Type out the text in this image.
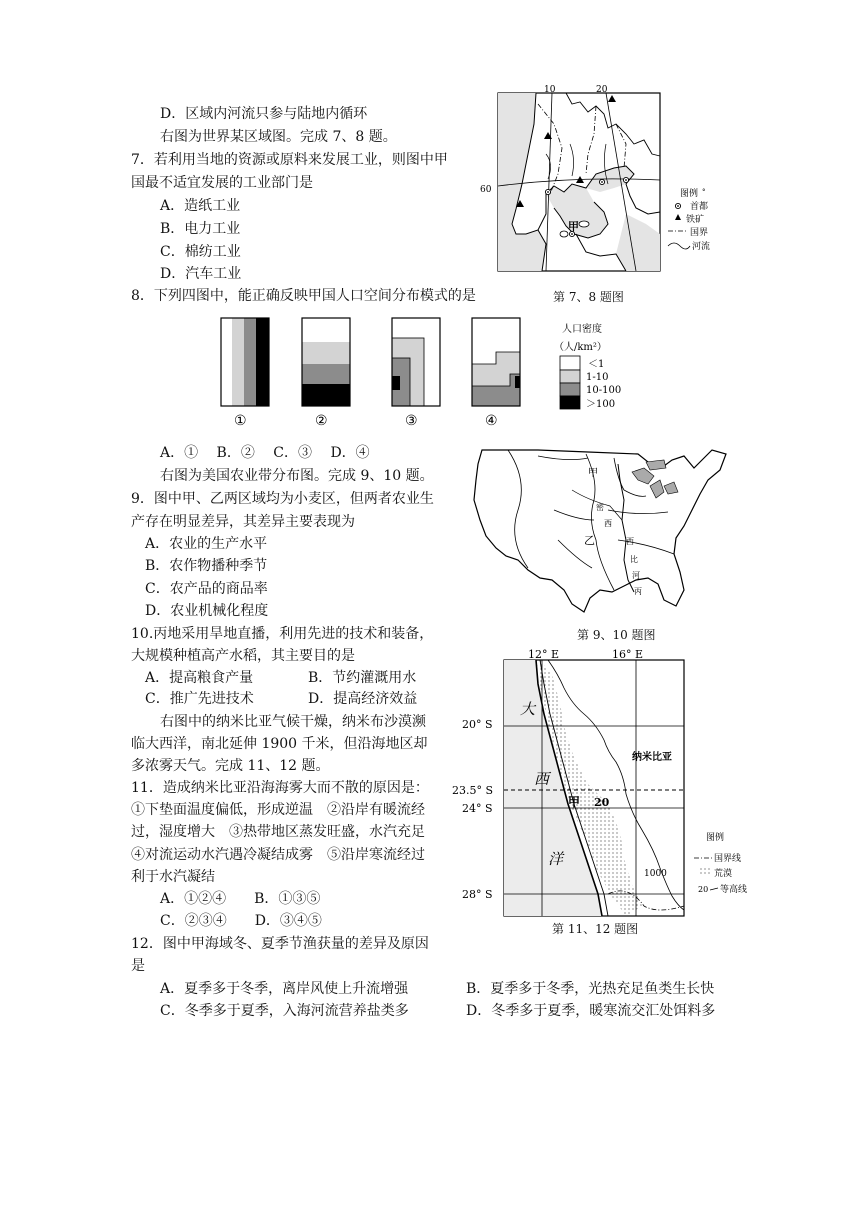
D．区域内河流只参与陆地内循环
右图为世界某区域图。完成 7、8 题。
7．若利用当地的资源或原料来发展工业，则图中甲
国最不适宜发展的工业部门是
A．造纸工业
B．电力工业
C．棉纺工业
D．汽车工业
8．下列四图中，能正确反映甲国人口空间分布模式的是
①	②	③	④
人口密度
（人/km²）
＜1
1-10
10-100
＞100
A．①　 B．②　 C．③　 D．④
右图为美国农业带分布图。完成 9、10 题。
9．图中甲、乙两区域均为小麦区，但两者农业生
产存在明显差异，其差异主要表现为
A．农业的生产水平
B．农作物播种季节
C．农产品的商品率
D．农业机械化程度
10.丙地采用旱地直播，利用先进的技术和装备，
大规模种植高产水稻，其主要目的是
A．提高粮食产量	B．节约灌溉用水
C．推广先进技术	D．提高经济效益
右图中的纳米比亚气候干燥，纳米布沙漠濒
临大西洋，南北延伸 1900 千米，但沿海地区却
多浓雾天气。完成 11、12 题。
11．造成纳米比亚沿海海雾大而不散的原因是：
①下垫面温度偏低，形成逆温　②沿岸有暖流经
过，湿度增大　③热带地区蒸发旺盛，水汽充足
④对流运动水汽遇冷凝结成雾　⑤沿岸寒流经过
利于水汽凝结
A．①②④　　B．①③⑤
C．②③④　　D．③④⑤
12．图中甲海域冬、夏季节渔获量的差异及原因
是
A．夏季多于冬季，离岸风使上升流增强	B．夏季多于冬季，光热充足鱼类生长快
C．冬季多于夏季，入海河流营养盐类多	D．冬季多于夏季，暖寒流交汇处饵料多
10	20
60
甲
图例 °
首都
铁矿
国界
河流
第 7、8 题图
甲
乙
丙
密
西
西
比
河
第 9、10 题图
12° E	16° E
20° S
23.5° S
24° S
28° S
大
西
洋
纳米比亚
甲 20
1000
图例
国界线
荒漠
20 等高线
第 11、12 题图
